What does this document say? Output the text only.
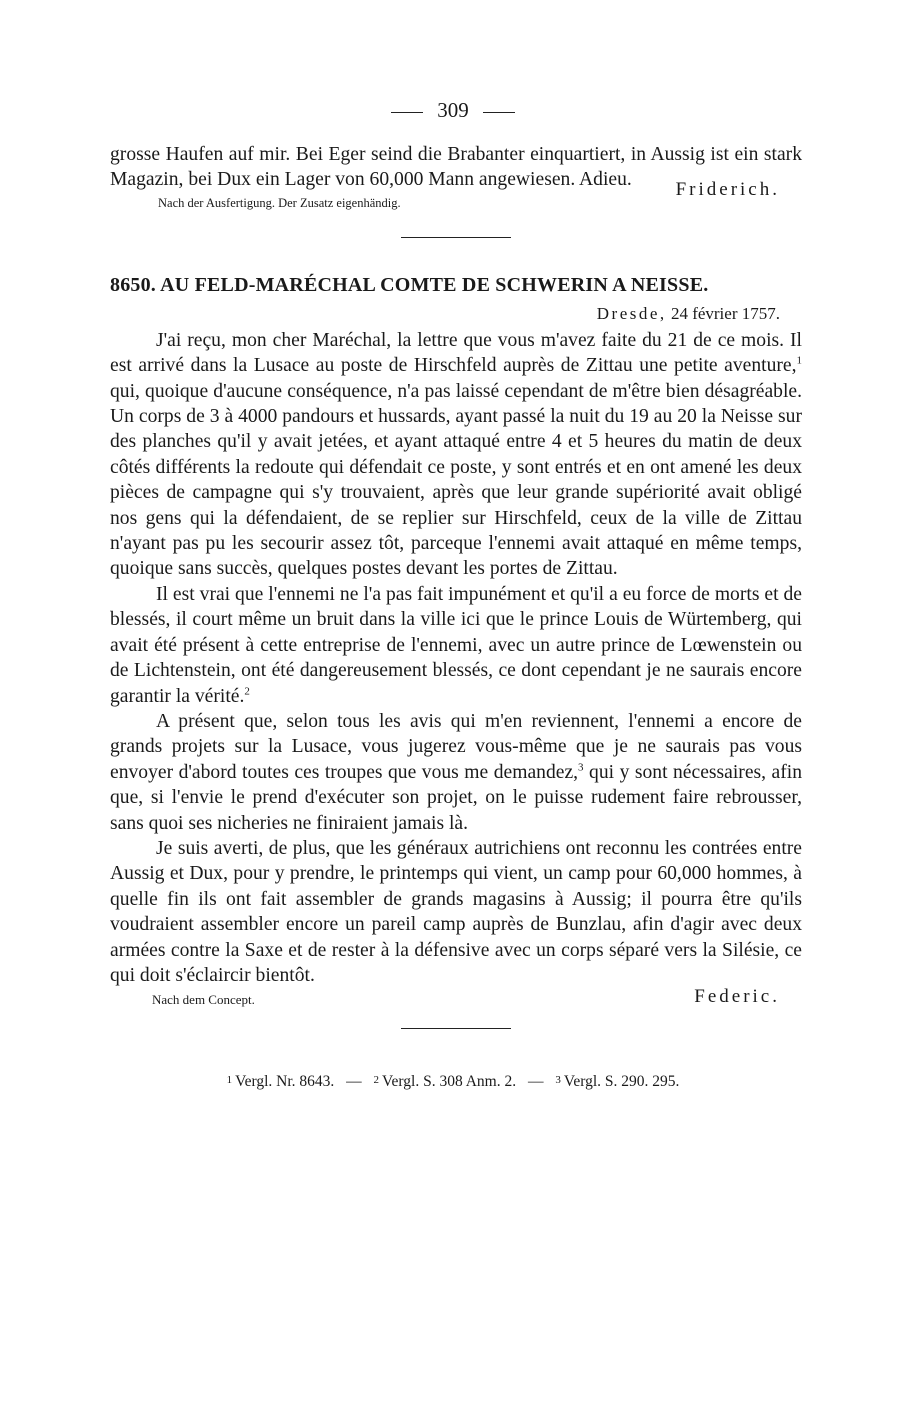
309

grosse Haufen auf mir. Bei Eger seind die Brabanter einquartiert, in Aussig ist ein stark Magazin, bei Dux ein Lager von 60,000 Mann angewiesen. Adieu.	Friderich.
Nach der Ausfertigung. Der Zusatz eigenhändig.
8650. AU FELD-MARÉCHAL COMTE DE SCHWERIN A NEISSE.
Dresde, 24 février 1757.

J'ai reçu, mon cher Maréchal, la lettre que vous m'avez faite du 21 de ce mois. Il est arrivé dans la Lusace au poste de Hirschfeld auprès de Zittau une petite aventure,$^1$ qui, quoique d'aucune conséquence, n'a pas laissé cependant de m'être bien désagréable. Un corps de 3 à 4000 pandours et hussards, ayant passé la nuit du 19 au 20 la Neisse sur des planches qu'il y avait jetées, et ayant attaqué entre 4 et 5 heures du matin de deux côtés différents la redoute qui défendait ce poste, y sont entrés et en ont amené les deux pièces de campagne qui s'y trouvaient, après que leur grande supériorité avait obligé nos gens qui la défendaient, de se replier sur Hirschfeld, ceux de la ville de Zittau n'ayant pas pu les secourir assez tôt, parceque l'ennemi avait attaqué en même temps, quoique sans succès, quelques postes devant les portes de Zittau.

Il est vrai que l'ennemi ne l'a pas fait impunément et qu'il a eu force de morts et de blessés, il court même un bruit dans la ville ici que le prince Louis de Würtemberg, qui avait été présent à cette entreprise de l'ennemi, avec un autre prince de Lœwenstein ou de Lichtenstein, ont été dangereusement blessés, ce dont cependant je ne saurais encore garantir la vérité.$^2$

A présent que, selon tous les avis qui m'en reviennent, l'ennemi a encore de grands projets sur la Lusace, vous jugerez vous-même que je ne saurais pas vous envoyer d'abord toutes ces troupes que vous me demandez,$^3$ qui y sont nécessaires, afin que, si l'envie le prend d'exécuter son projet, on le puisse rudement faire rebrousser, sans quoi ses nicheries ne finiraient jamais là.

Je suis averti, de plus, que les généraux autrichiens ont reconnu les contrées entre Aussig et Dux, pour y prendre, le printemps qui vient, un camp pour 60,000 hommes, à quelle fin ils ont fait assembler de grands magasins à Aussig; il pourra être qu'ils voudraient assembler encore un pareil camp auprès de Bunzlau, afin d'agir avec deux armées contre la Saxe et de rester à la défensive avec un corps séparé vers la Silésie, ce qui doit s'éclaircir bientôt.

Federic.
Nach dem Concept.
1 Vergl. Nr. 8643. — 2 Vergl. S. 308 Anm. 2. — 3 Vergl. S. 290. 295.
